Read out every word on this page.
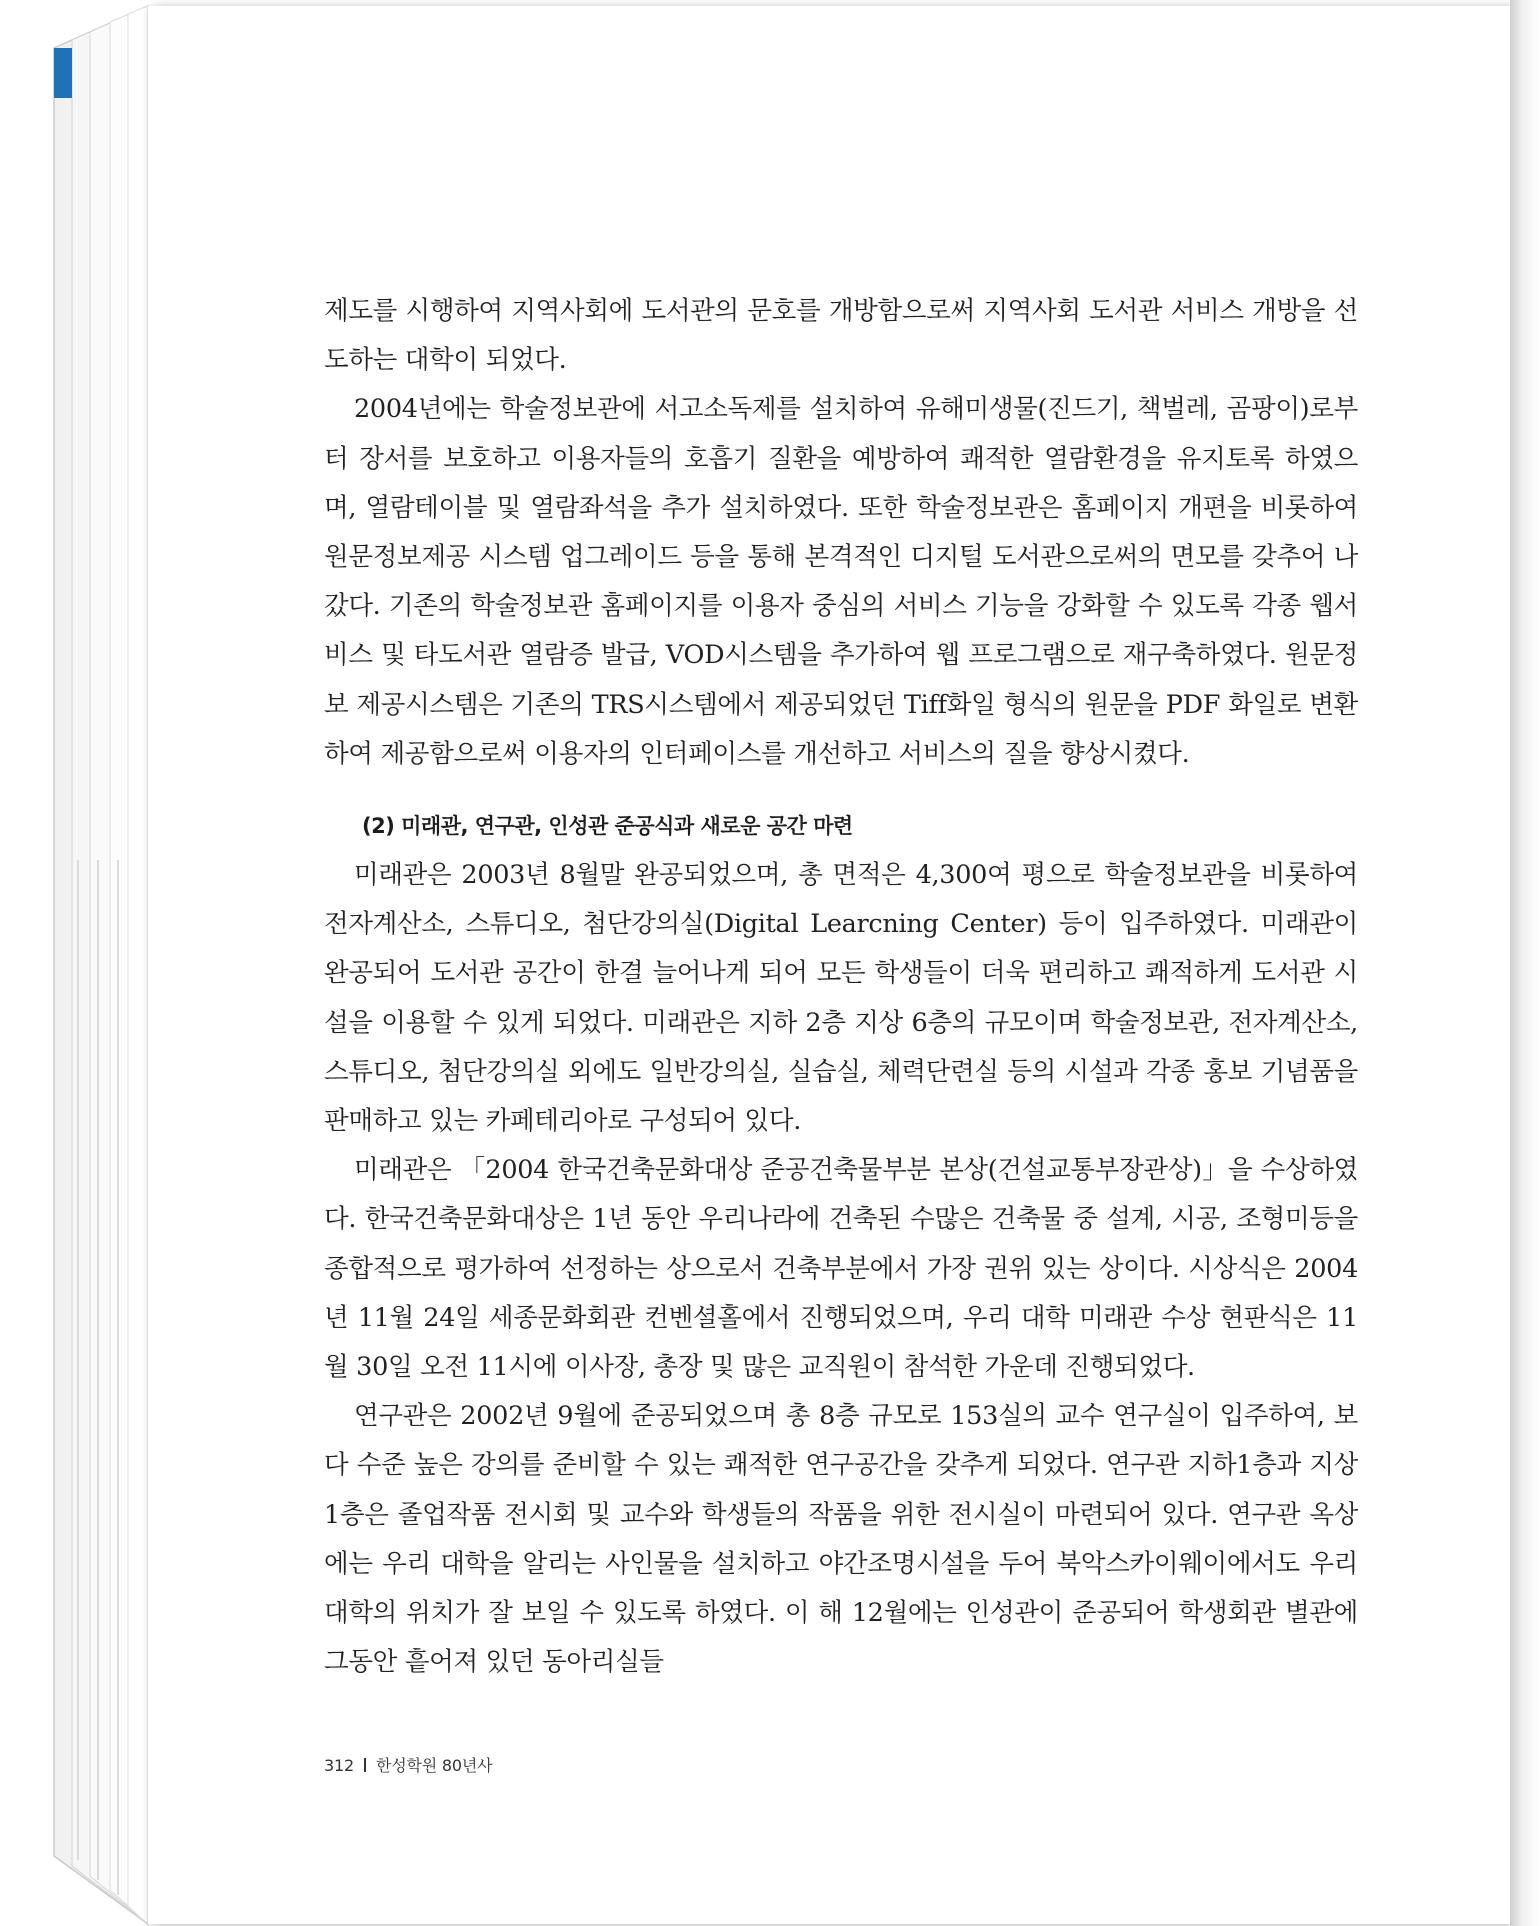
제도를 시행하여 지역사회에 도서관의 문호를 개방함으로써 지역사회 도서관 서비스 개방을 선도하는 대학이 되었다.

2004년에는 학술정보관에 서고소독제를 설치하여 유해미생물(진드기, 책벌레, 곰팡이)로부터 장서를 보호하고 이용자들의 호흡기 질환을 예방하여 쾌적한 열람환경을 유지토록 하였으며, 열람테이블 및 열람좌석을 추가 설치하였다. 또한 학술정보관은 홈페이지 개편을 비롯하여 원문정보제공 시스템 업그레이드 등을 통해 본격적인 디지털 도서관으로써의 면모를 갖추어 나갔다. 기존의 학술정보관 홈페이지를 이용자 중심의 서비스 기능을 강화할 수 있도록 각종 웹서비스 및 타도서관 열람증 발급, VOD시스템을 추가하여 웹 프로그램으로 재구축하였다. 원문정보 제공시스템은 기존의 TRS시스템에서 제공되었던 Tiff화일 형식의 원문을 PDF 화일로 변환하여 제공함으로써 이용자의 인터페이스를 개선하고 서비스의 질을 향상시켰다.

(2) 미래관, 연구관, 인성관 준공식과 새로운 공간 마련

미래관은 2003년 8월말 완공되었으며, 총 면적은 4,300여 평으로 학술정보관을 비롯하여 전자계산소, 스튜디오, 첨단강의실(Digital Learcning Center) 등이 입주하였다. 미래관이 완공되어 도서관 공간이 한결 늘어나게 되어 모든 학생들이 더욱 편리하고 쾌적하게 도서관 시설을 이용할 수 있게 되었다. 미래관은 지하 2층 지상 6층의 규모이며 학술정보관, 전자계산소, 스튜디오, 첨단강의실 외에도 일반강의실, 실습실, 체력단련실 등의 시설과 각종 홍보 기념품을 판매하고 있는 카페테리아로 구성되어 있다.

미래관은 「2004 한국건축문화대상 준공건축물부분 본상(건설교통부장관상)」을 수상하였다. 한국건축문화대상은 1년 동안 우리나라에 건축된 수많은 건축물 중 설계, 시공, 조형미등을 종합적으로 평가하여 선정하는 상으로서 건축부분에서 가장 권위 있는 상이다. 시상식은 2004년 11월 24일 세종문화회관 컨벤셜홀에서 진행되었으며, 우리 대학 미래관 수상 현판식은 11월 30일 오전 11시에 이사장, 총장 및 많은 교직원이 참석한 가운데 진행되었다.

연구관은 2002년 9월에 준공되었으며 총 8층 규모로 153실의 교수 연구실이 입주하여, 보다 수준 높은 강의를 준비할 수 있는 쾌적한 연구공간을 갖추게 되었다. 연구관 지하1층과 지상1층은 졸업작품 전시회 및 교수와 학생들의 작품을 위한 전시실이 마련되어 있다. 연구관 옥상에는 우리 대학을 알리는 사인물을 설치하고 야간조명시설을 두어 북악스카이웨이에서도 우리 대학의 위치가 잘 보일 수 있도록 하였다. 이 해 12월에는 인성관이 준공되어 학생회관 별관에 그동안 흩어져 있던 동아리실들

312 한성학원 80년사
